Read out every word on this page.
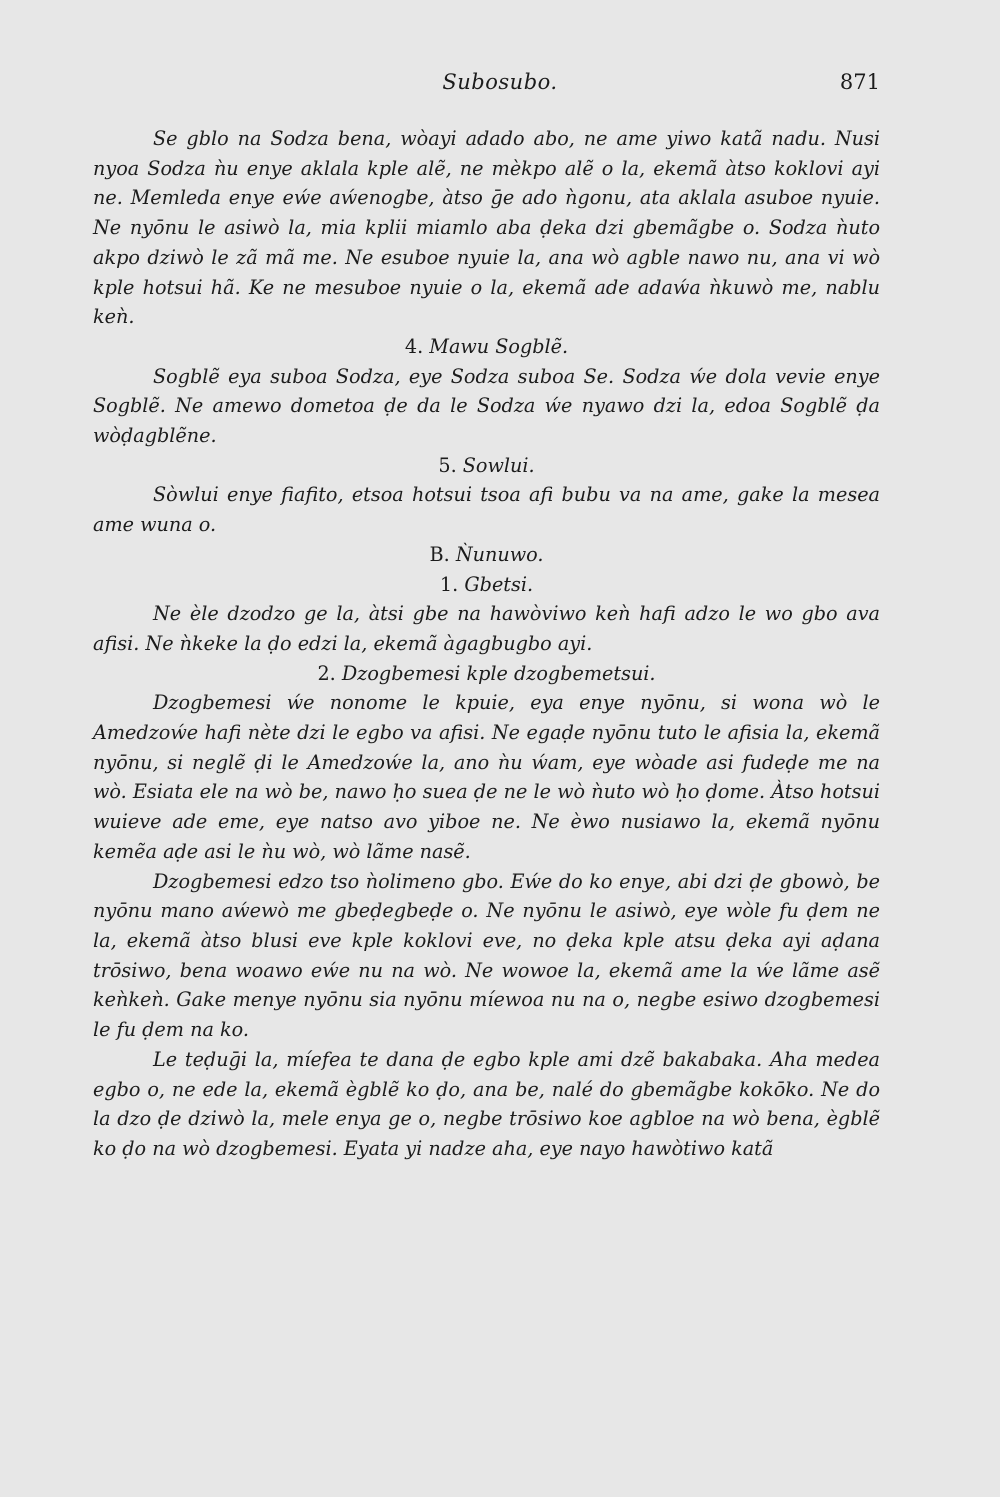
Subosubo.	871

Se gblo na Sodza bena, wòayi adado abo, ne ame yiwo katã nadu. Nusi nyoa Sodza ǹu enye aklala kple alẽ, ne mèkpo alẽ o la, ekemã àtso koklovi ayi ne. Memleda enye eẃe aẃenogbe, àtso ḡe ado ǹgonu, ata aklala asuboe nyuie. Ne nyōnu le asiwò la, mia kplii miamlo aba ḍeka dzi gbemãgbe o. Sodza ǹuto akpo dziwò le zã mã me. Ne esuboe nyuie la, ana wò agble nawo nu, ana vi wò kple hotsui hã. Ke ne mesuboe nyuie o la, ekemã ade adaẃa ǹkuwò me, nablu keǹ.

4. Mawu Sogblẽ.

Sogblẽ eya suboa Sodza, eye Sodza suboa Se. Sodza ẃe dola vevie enye Sogblẽ. Ne amewo dometoa ḍe da le Sodza ẃe nyawo dzi la, edoa Sogblẽ ḍa wòḍagblẽne.

5. Sowlui.

Sòwlui enye fiafito, etsoa hotsui tsoa afi bubu va na ame, gake la mesea ame wuna o.

B. Ǹunuwo.
1. Gbetsi.

Ne èle dzodzo ge la, àtsi gbe na hawòviwo keǹ hafi adzo le wo gbo ava afisi. Ne ǹkeke la ḍo edzi la, ekemã àgagbugbo ayi.

2. Dzogbemesi kple dzogbemetsui.

Dzogbemesi ẃe nonome le kpuie, eya enye nyōnu, si wona wò le Amedzoẃe hafi nète dzi le egbo va afisi. Ne egaḍe nyōnu tuto le afisia la, ekemã nyōnu, si neglẽ ḍi le Amedzoẃe la, ano ǹu ẃam, eye wòade asi fudeḍe me na wò. Esiata ele na wò be, nawo ḥo suea ḍe ne le wò ǹuto wò ḥo ḍome. Àtso hotsui wuieve ade eme, eye natso avo yiboe ne. Ne èwo nusiawo la, ekemã nyōnu kemẽa aḍe asi le ǹu wò, wò lãme nasẽ.

Dzogbemesi edzo tso ǹolimeno gbo. Eẃe do ko enye, abi dzi ḍe gbowò, be nyōnu mano aẃewò me gbeḍegbeḍe o. Ne nyōnu le asiwò, eye wòle fu ḍem ne la, ekemã àtso blusi eve kple koklovi eve, no ḍeka kple atsu ḍeka ayi aḍana trōsiwo, bena woawo eẃe nu na wò. Ne wowoe la, ekemã ame la ẃe lãme asẽ keǹkeǹ. Gake menye nyōnu sia nyōnu míewoa nu na o, negbe esiwo dzogbemesi le fu ḍem na ko.

Le teḍuḡi la, míefea te dana ḍe egbo kple ami dzẽ bakabaka. Aha medea egbo o, ne ede la, ekemã ègblẽ ko ḍo, ana be, nalé do gbemãgbe kokōko. Ne do la dzo ḍe dziwò la, mele enya ge o, negbe trōsiwo koe agbloe na wò bena, ègblẽ ko ḍo na wò dzogbemesi. Eyata yi nadze aha, eye nayo hawòtiwo katã
